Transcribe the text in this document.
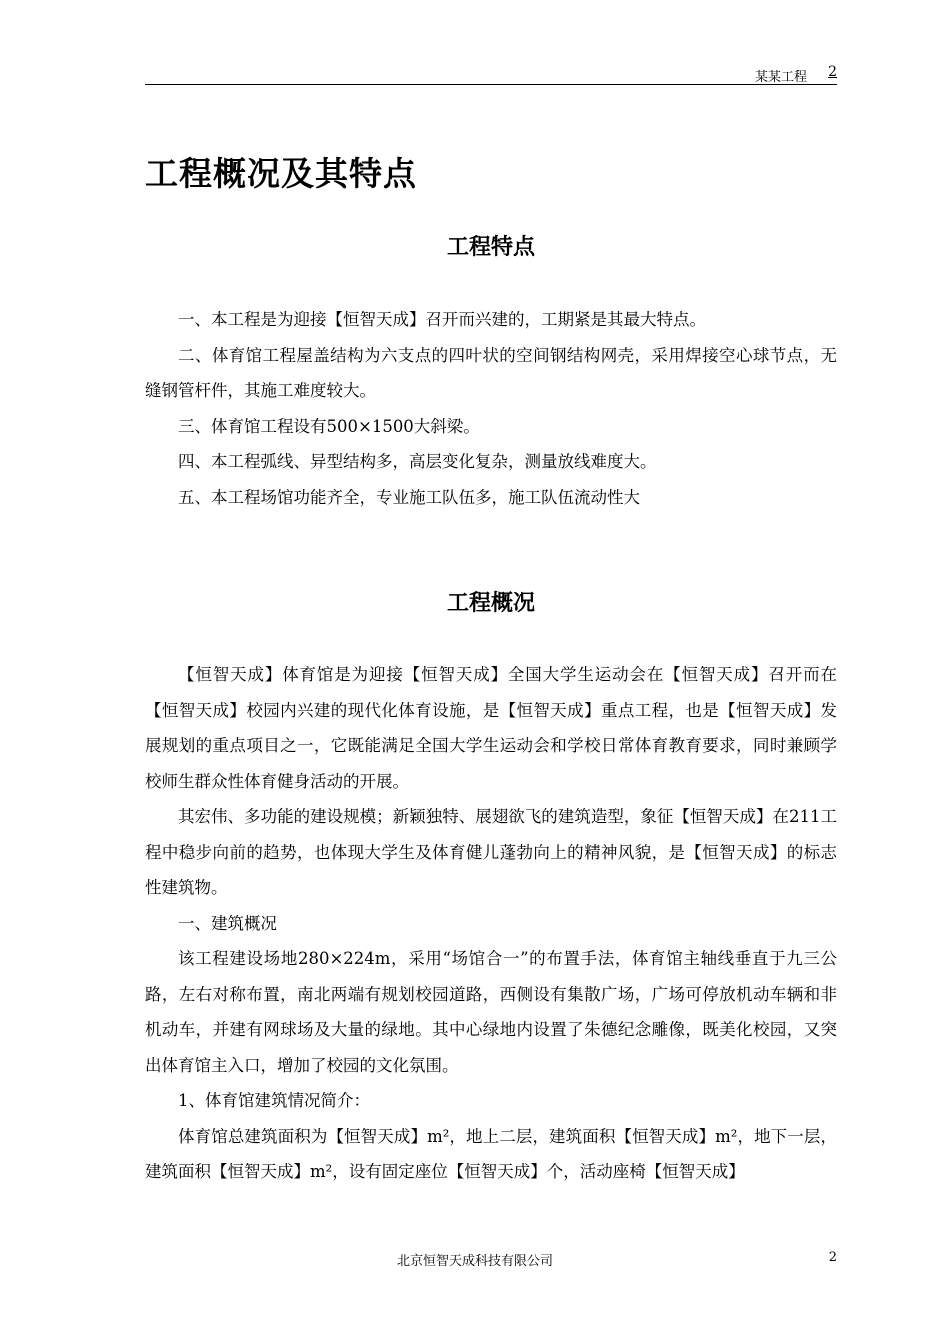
某某工程 2
工程概况及其特点
工程特点

一、本工程是为迎接【恒智天成】召开而兴建的，工期紧是其最大特点。

二、体育馆工程屋盖结构为六支点的四叶状的空间钢结构网壳，采用焊接空心球节点，无缝钢管杆件，其施工难度较大。

三、体育馆工程设有500×1500大斜梁。

四、本工程弧线、异型结构多，高层变化复杂，测量放线难度大。

五、本工程场馆功能齐全，专业施工队伍多，施工队伍流动性大

工程概况

【恒智天成】体育馆是为迎接【恒智天成】全国大学生运动会在【恒智天成】召开而在【恒智天成】校园内兴建的现代化体育设施，是【恒智天成】重点工程，也是【恒智天成】发展规划的重点项目之一，它既能满足全国大学生运动会和学校日常体育教育要求，同时兼顾学校师生群众性体育健身活动的开展。

其宏伟、多功能的建设规模；新颖独特、展翅欲飞的建筑造型，象征【恒智天成】在211工程中稳步向前的趋势，也体现大学生及体育健儿蓬勃向上的精神风貌，是【恒智天成】的标志性建筑物。

一、建筑概况

该工程建设场地280×224m，采用“场馆合一”的布置手法，体育馆主轴线垂直于九三公路，左右对称布置，南北两端有规划校园道路，西侧设有集散广场，广场可停放机动车辆和非机动车，并建有网球场及大量的绿地。其中心绿地内设置了朱德纪念雕像，既美化校园，又突出体育馆主入口，增加了校园的文化氛围。

1、体育馆建筑情况简介：

体育馆总建筑面积为【恒智天成】m²，地上二层，建筑面积【恒智天成】m²，地下一层，建筑面积【恒智天成】m²，设有固定座位【恒智天成】个，活动座椅【恒智天成】

北京恒智天成科技有限公司	2
